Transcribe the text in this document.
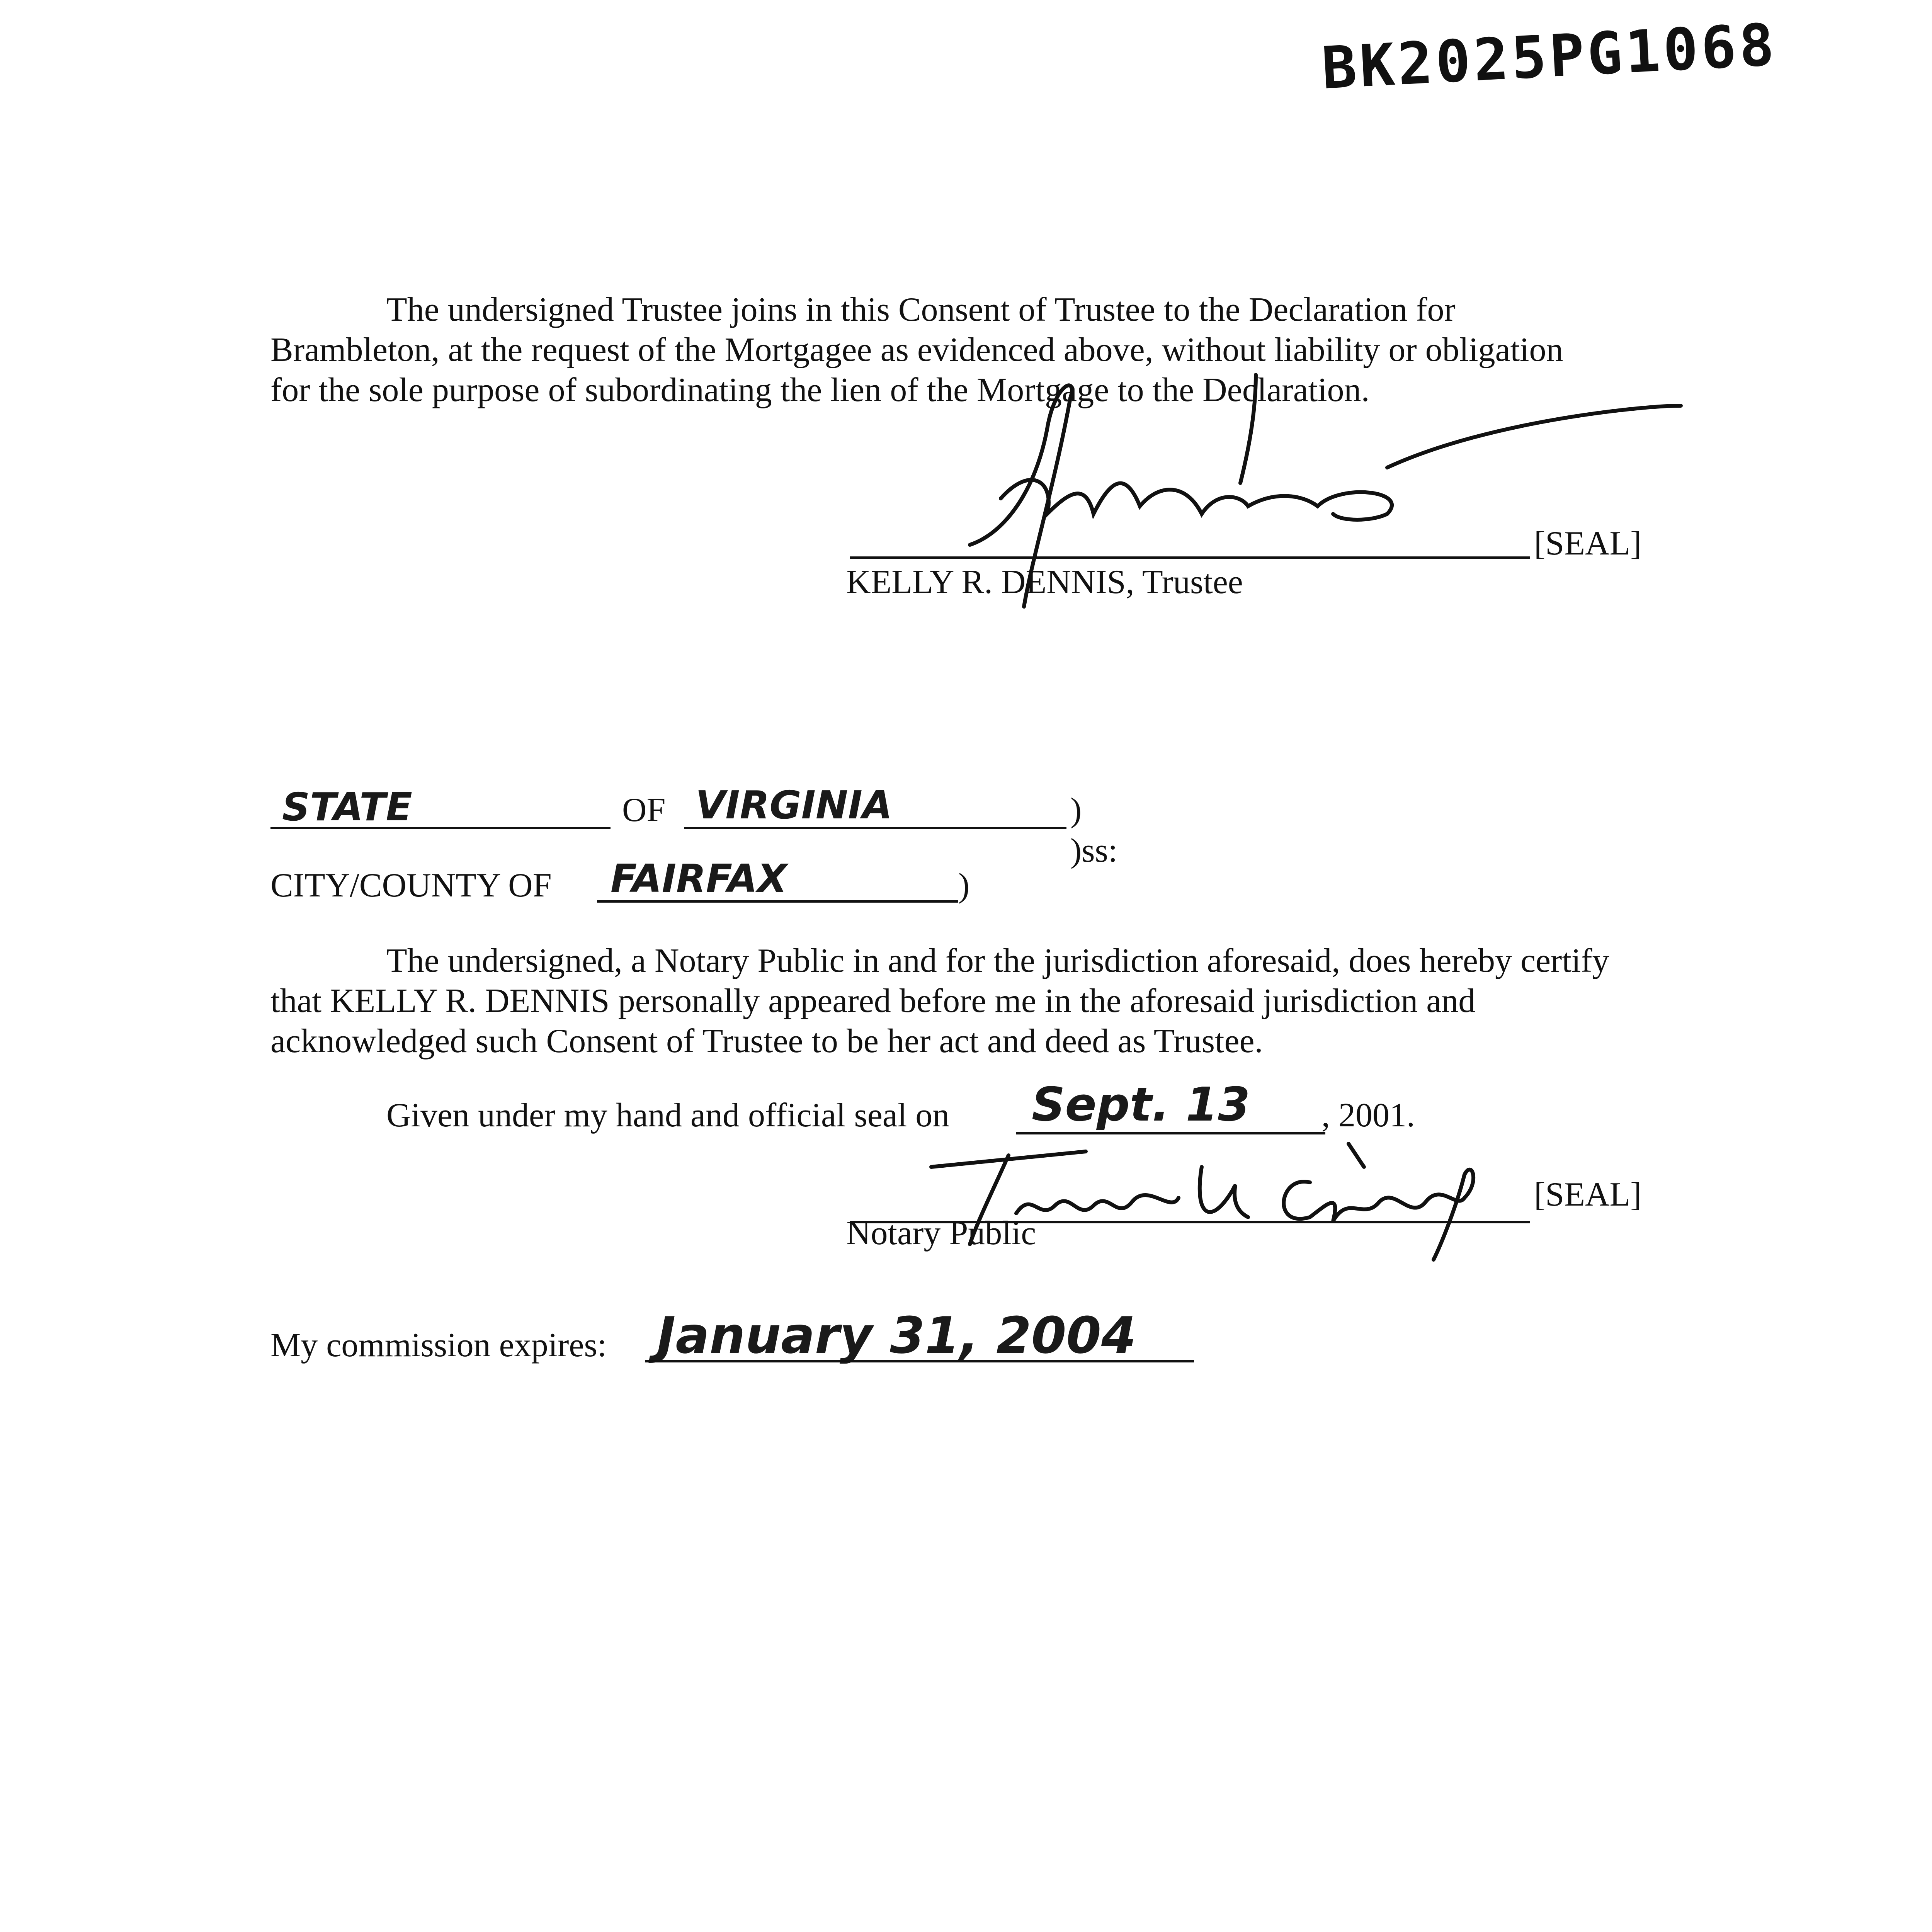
BK2025PG1068
The undersigned Trustee joins in this Consent of Trustee to the Declaration for
Brambleton, at the request of the Mortgagee as evidenced above, without liability or obligation
for the sole purpose of subordinating the lien of the Mortgage to the Declaration.
[SEAL]
KELLY R. DENNIS, Trustee
STATE	OF VIRGINIA	)
)ss:
CITY/COUNTY OF FAIRFAX	)
The undersigned, a Notary Public in and for the jurisdiction aforesaid, does hereby certify
that KELLY R. DENNIS personally appeared before me in the aforesaid jurisdiction and
acknowledged such Consent of Trustee to be her act and deed as Trustee.
Given under my hand and official seal on Sept. 13 , 2001.
[SEAL]
Notary Public
My commission expires: January 31, 2004
